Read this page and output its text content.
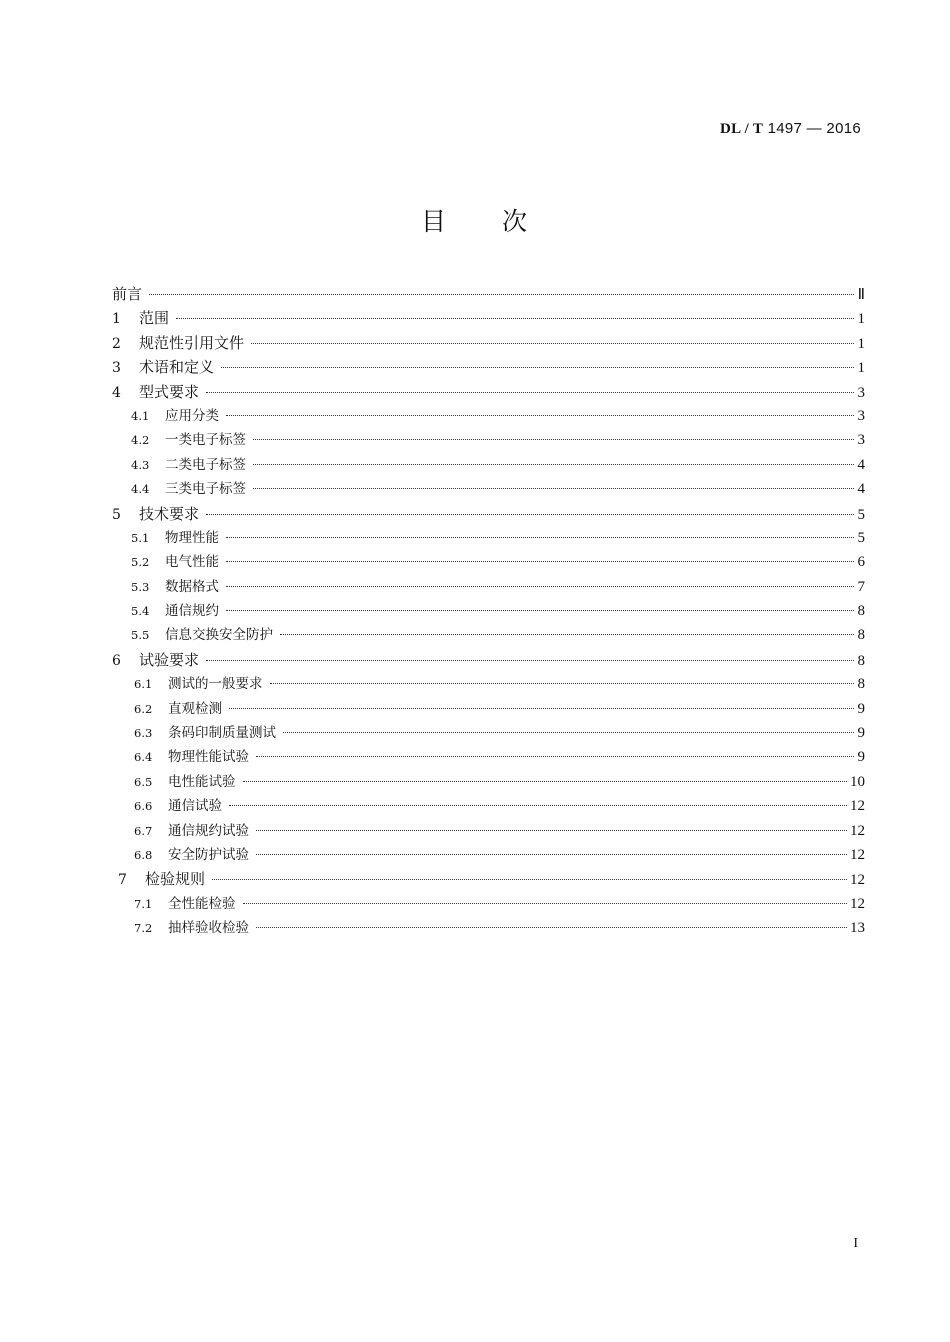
DL / T 1497 — 2016
目 次
前言	Ⅱ
1	范围	1
2	规范性引用文件	1
3	术语和定义	1
4	型式要求	3
4.1	应用分类	3
4.2	一类电子标签	3
4.3	二类电子标签	4
4.4	三类电子标签	4
5	技术要求	5
5.1	物理性能	5
5.2	电气性能	6
5.3	数据格式	7
5.4	通信规约	8
5.5	信息交换安全防护	8
6	试验要求	8
6.1	测试的一般要求	8
6.2	直观检测	9
6.3	条码印制质量测试	9
6.4	物理性能试验	9
6.5	电性能试验	10
6.6	通信试验	12
6.7	通信规约试验	12
6.8	安全防护试验	12
7	检验规则	12
7.1	全性能检验	12
7.2	抽样验收检验	13
I
